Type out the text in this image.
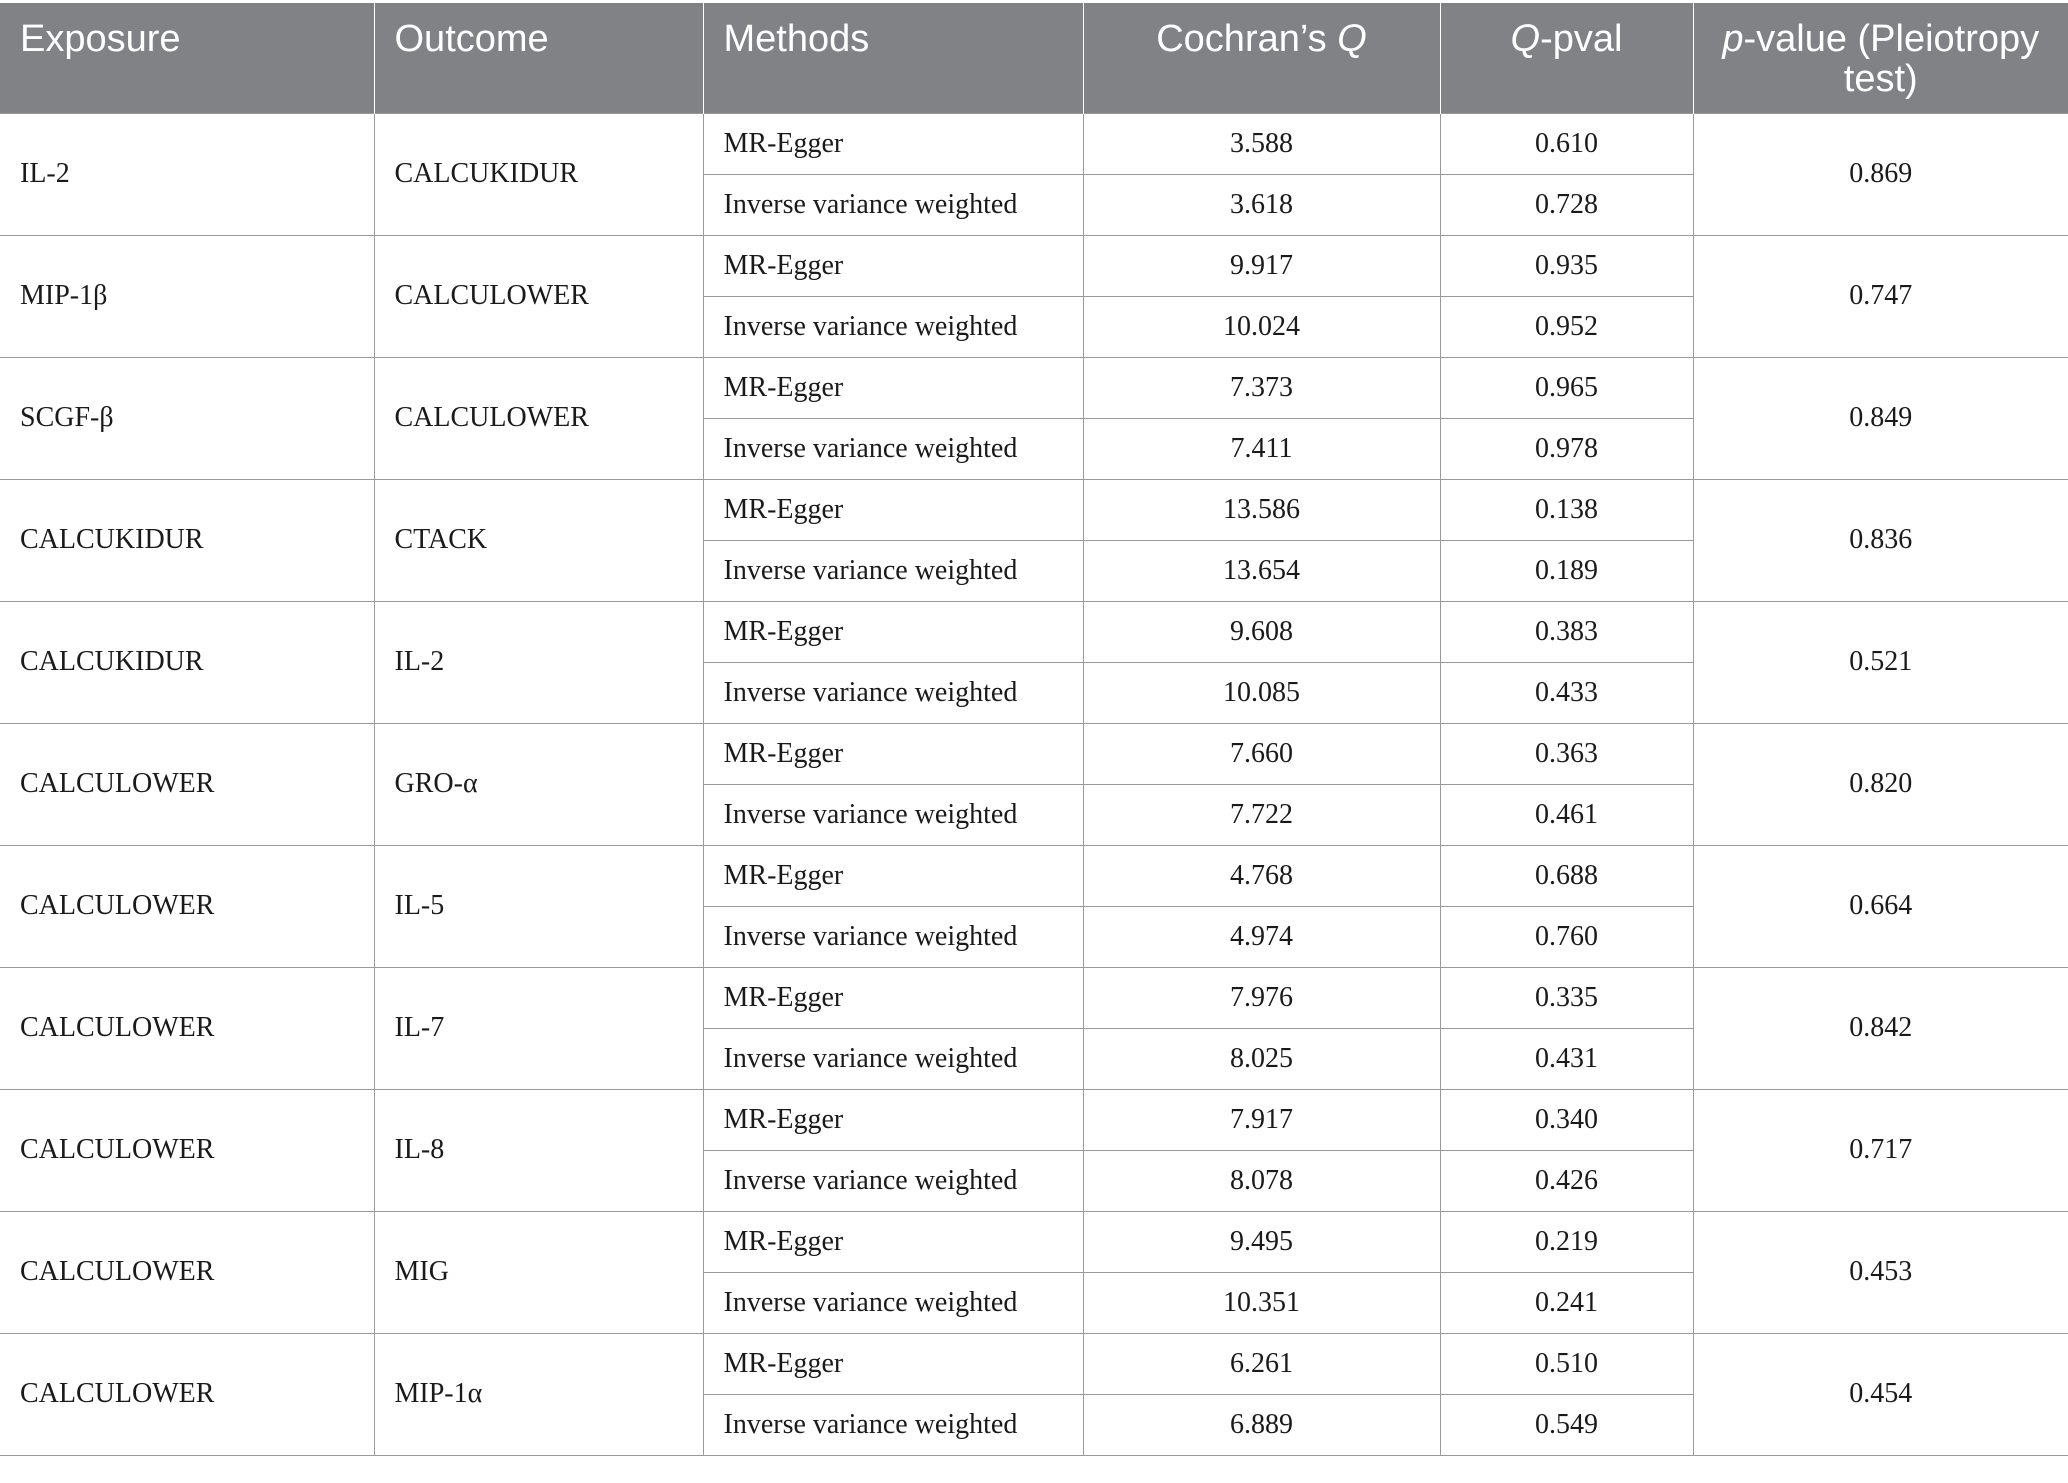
Exposure	Outcome	Methods	Cochran’s Q	Q-pval	p-value (Pleiotropy test)
IL-2	CALCUKIDUR	MR-Egger	3.588	0.610	0.869
		Inverse variance weighted	3.618	0.728	
MIP-1β	CALCULOWER	MR-Egger	9.917	0.935	0.747
		Inverse variance weighted	10.024	0.952	
SCGF-β	CALCULOWER	MR-Egger	7.373	0.965	0.849
		Inverse variance weighted	7.411	0.978	
CALCUKIDUR	CTACK	MR-Egger	13.586	0.138	0.836
		Inverse variance weighted	13.654	0.189	
CALCUKIDUR	IL-2	MR-Egger	9.608	0.383	0.521
		Inverse variance weighted	10.085	0.433	
CALCULOWER	GRO-α	MR-Egger	7.660	0.363	0.820
		Inverse variance weighted	7.722	0.461	
CALCULOWER	IL-5	MR-Egger	4.768	0.688	0.664
		Inverse variance weighted	4.974	0.760	
CALCULOWER	IL-7	MR-Egger	7.976	0.335	0.842
		Inverse variance weighted	8.025	0.431	
CALCULOWER	IL-8	MR-Egger	7.917	0.340	0.717
		Inverse variance weighted	8.078	0.426	
CALCULOWER	MIG	MR-Egger	9.495	0.219	0.453
		Inverse variance weighted	10.351	0.241	
CALCULOWER	MIP-1α	MR-Egger	6.261	0.510	0.454
		Inverse variance weighted	6.889	0.549	
